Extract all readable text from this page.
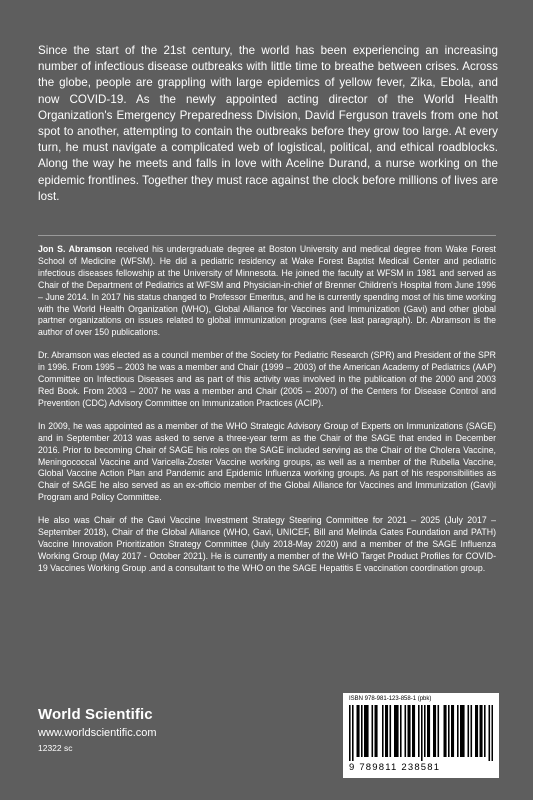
Since the start of the 21st century, the world has been experiencing an increasing number of infectious disease outbreaks with little time to breathe between crises. Across the globe, people are grappling with large epidemics of yellow fever, Zika, Ebola, and now COVID-19. As the newly appointed acting director of the World Health Organization's Emergency Preparedness Division, David Ferguson travels from one hot spot to another, attempting to contain the outbreaks before they grow too large. At every turn, he must navigate a complicated web of logistical, political, and ethical roadblocks. Along the way he meets and falls in love with Aceline Durand, a nurse working on the epidemic frontlines. Together they must race against the clock before millions of lives are lost.

Jon S. Abramson received his undergraduate degree at Boston University and medical degree from Wake Forest School of Medicine (WFSM). He did a pediatric residency at Wake Forest Baptist Medical Center and pediatric infectious diseases fellowship at the University of Minnesota. He joined the faculty at WFSM in 1981 and served as Chair of the Department of Pediatrics at WFSM and Physician-in-chief of Brenner Children's Hospital from June 1996 – June 2014. In 2017 his status changed to Professor Emeritus, and he is currently spending most of his time working with the World Health Organization (WHO), Global Alliance for Vaccines and Immunization (Gavi) and other global partner organizations on issues related to global immunization programs (see last paragraph). Dr. Abramson is the author of over 150 publications.

Dr. Abramson was elected as a council member of the Society for Pediatric Research (SPR) and President of the SPR in 1996. From 1995 – 2003 he was a member and Chair (1999 – 2003) of the American Academy of Pediatrics (AAP) Committee on Infectious Diseases and as part of this activity was involved in the publication of the 2000 and 2003 Red Book. From 2003 – 2007 he was a member and Chair (2005 – 2007) of the Centers for Disease Control and Prevention (CDC) Advisory Committee on Immunization Practices (ACIP).

In 2009, he was appointed as a member of the WHO Strategic Advisory Group of Experts on Immunizations (SAGE) and in September 2013 was asked to serve a three-year term as the Chair of the SAGE that ended in December 2016. Prior to becoming Chair of SAGE his roles on the SAGE included serving as the Chair of the Cholera Vaccine, Meningococcal Vaccine and Varicella-Zoster Vaccine working groups, as well as a member of the Rubella Vaccine, Global Vaccine Action Plan and Pandemic and Epidemic Influenza working groups. As part of his responsibilities as Chair of SAGE he also served as an ex-officio member of the Global Alliance for Vaccines and Immunization (Gavi)i Program and Policy Committee.

He also was Chair of the Gavi Vaccine Investment Strategy Steering Committee for 2021 – 2025 (July 2017 – September 2018), Chair of the Global Alliance (WHO, Gavi, UNICEF, Bill and Melinda Gates Foundation and PATH) Vaccine Innovation Prioritization Strategy Committee (July 2018-May 2020) and a member of the SAGE Influenza Working Group (May 2017 - October 2021). He is currently a member of the WHO Target Product Profiles for COVID-19 Vaccines Working Group .and a consultant to the WHO on the SAGE Hepatitis E vaccination coordination group.

World Scientific
www.worldscientific.com
12322 sc
ISBN 978-981-123-858-1 (pbk)
9 789811 238581
